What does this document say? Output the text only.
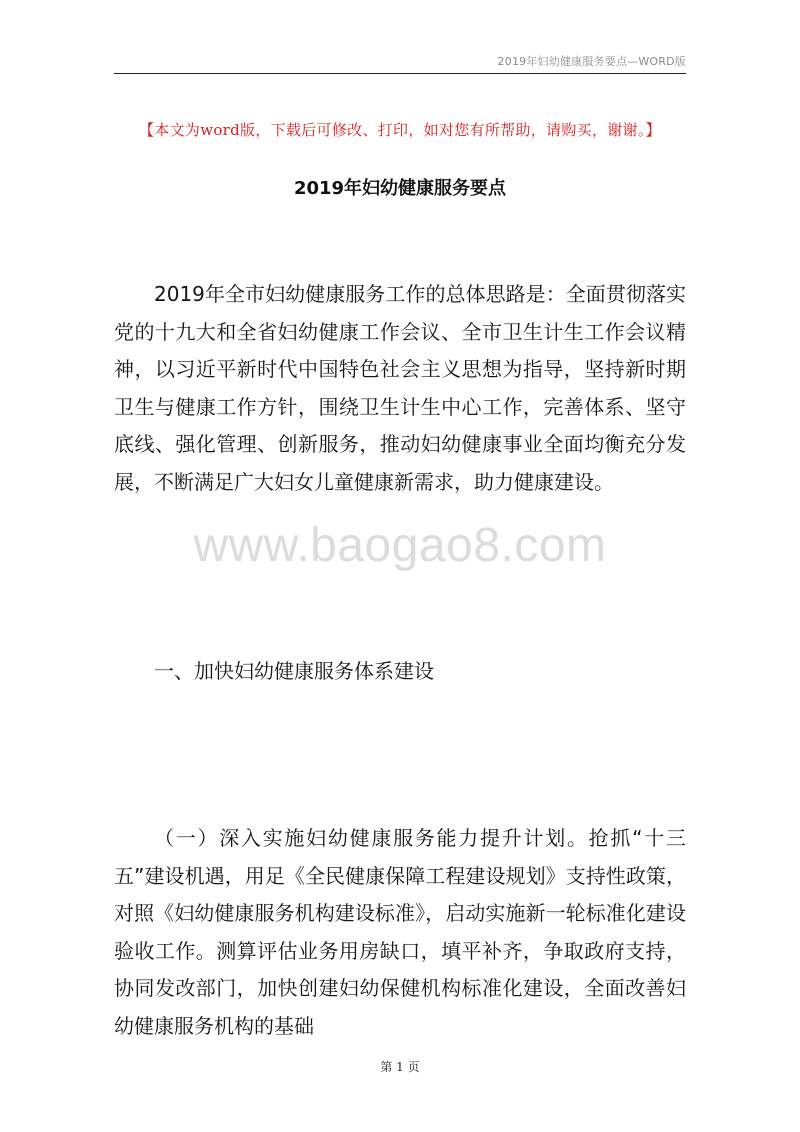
2019年妇幼健康服务要点—WORD版
【本文为word版，下载后可修改、打印，如对您有所帮助，请购买，谢谢。】
2019年妇幼健康服务要点

2019年全市妇幼健康服务工作的总体思路是：全面贯彻落实党的十九大和全省妇幼健康工作会议、全市卫生计生工作会议精神，以习近平新时代中国特色社会主义思想为指导，坚持新时期卫生与健康工作方针，围绕卫生计生中心工作，完善体系、坚守底线、强化管理、创新服务，推动妇幼健康事业全面均衡充分发展，不断满足广大妇女儿童健康新需求，助力健康建设。

www.baogao8.com
一、加快妇幼健康服务体系建设

（一）深入实施妇幼健康服务能力提升计划。抢抓“十三五”建设机遇，用足《全民健康保障工程建设规划》支持性政策，对照《妇幼健康服务机构建设标准》，启动实施新一轮标准化建设验收工作。测算评估业务用房缺口，填平补齐，争取政府支持，协同发改部门，加快创建妇幼保健机构标准化建设，全面改善妇幼健康服务机构的基础

第 1 页
